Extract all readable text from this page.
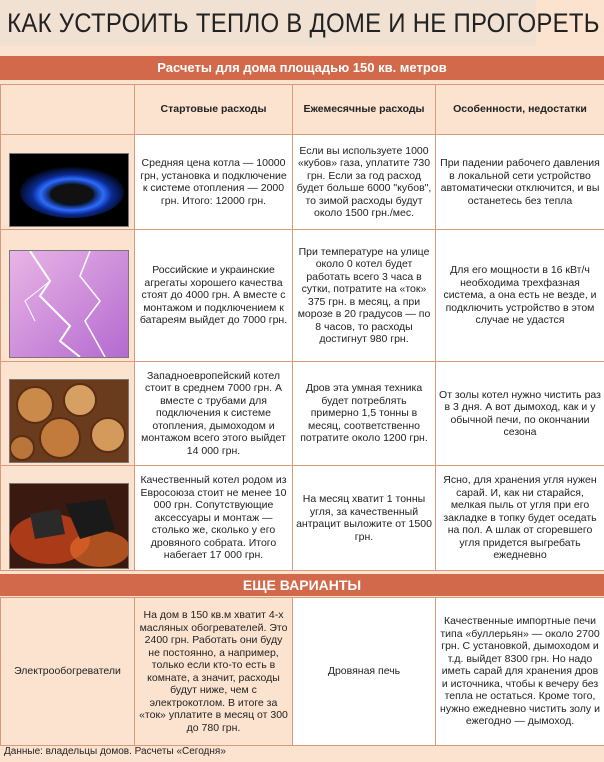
КАК УСТРОИТЬ ТЕПЛО В ДОМЕ И НЕ ПРОГОРЕТЬ
Расчеты для дома площадью 150 кв. метров
	Стартовые расходы	Ежемесячные расходы	Особенности, недостатки

	Средняя цена котла — 10000 грн, установка и подключение к системе отопления — 2000 грн. Итого: 12000 грн.	Если вы используете 1000 «кубов» газа, уплатите 730 грн. Если за год расход будет больше 6000 "кубов", то зимой расходы будут около 1500 грн./мес.	При падении рабочего давления в локальной сети устройство автоматически отключится, и вы останетесь без тепла

	Российские и украинские агрегаты хорошего качества стоят до 4000 грн. А вместе с монтажом и подключением к батареям выйдет до 7000 грн.	При температуре на улице около 0 котел будет работать всего 3 часа в сутки, потратите на «ток» 375 грн. в месяц, а при морозе в 20 градусов — по 8 часов, то расходы достигнут 980 грн.	Для его мощности в 16 кВт/ч необходима трехфазная система, а она есть не везде, и подключить устройство в этом случае не удастся

	Западноевропейский котел стоит в среднем 7000 грн. А вместе с трубами для подключения к системе отопления, дымоходом и монтажом всего этого выйдет 14 000 грн.	Дров эта умная техника будет потреблять примерно 1,5 тонны в месяц, соответственно потратите около 1200 грн.	От золы котел нужно чистить раз в 3 дня. А вот дымоход, как и у обычной печи, по окончании сезона

	Качественный котел родом из Евросоюза стоит не менее 10 000 грн. Сопутствующие аксессуары и монтаж — столько же, сколько у его дровяного собрата. Итого набегает 17 000 грн.	На месяц хватит 1 тонны угля, за качественный антрацит выложите от 1500 грн.	Ясно, для хранения угля нужен сарай. И, как ни старайся, мелкая пыль от угля при его закладке в топку будет оседать на пол. А шлак от сгоревшего угля придется выгребать ежедневно
ЕЩЕ ВАРИАНТЫ
Электрообогреватели	На дом в 150 кв.м хватит 4-х масляных обогревателей. Это 2400 грн. Работать они буду не постоянно, а например, только если кто-то есть в комнате, а значит, расходы будут ниже, чем с электрокотлом. В итоге за «ток» уплатите в месяц от 300 до 780 грн.	Дровяная печь	Качественные импортные печи типа «буллерьян» — около 2700 грн. С установкой, дымоходом и т.д. выйдет 8300 грн. Но надо иметь сарай для хранения дров и источника, чтобы к вечеру без тепла не остаться. Кроме того, нужно ежедневно чистить золу и ежегодно — дымоход.
Данные: владельцы домов. Расчеты «Сегодня»
